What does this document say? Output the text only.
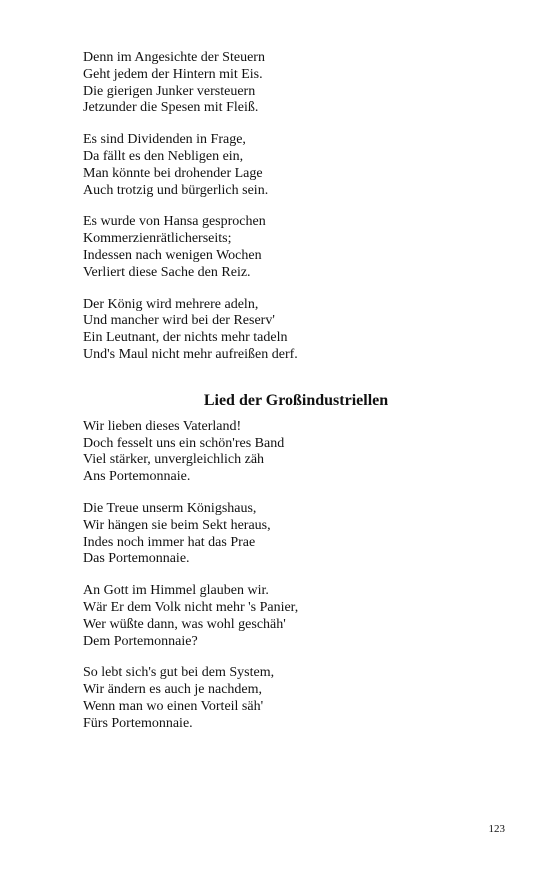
Denn im Angesichte der Steuern
Geht jedem der Hintern mit Eis.
Die gierigen Junker versteuern
Jetzunder die Spesen mit Fleiß.
Es sind Dividenden in Frage,
Da fällt es den Nebligen ein,
Man könnte bei drohender Lage
Auch trotzig und bürgerlich sein.
Es wurde von Hansa gesprochen
Kommerzienrätlicherseits;
Indessen nach wenigen Wochen
Verliert diese Sache den Reiz.
Der König wird mehrere adeln,
Und mancher wird bei der Reserv'
Ein Leutnant, der nichts mehr tadeln
Und's Maul nicht mehr aufreißen derf.
Lied der Großindustriellen
Wir lieben dieses Vaterland!
Doch fesselt uns ein schön'res Band
Viel stärker, unvergleichlich zäh
Ans Portemonnaie.
Die Treue unserm Königshaus,
Wir hängen sie beim Sekt heraus,
Indes noch immer hat das Prae
Das Portemonnaie.
An Gott im Himmel glauben wir.
Wär Er dem Volk nicht mehr 's Panier,
Wer wüßte dann, was wohl geschäh'
Dem Portemonnaie?
So lebt sich's gut bei dem System,
Wir ändern es auch je nachdem,
Wenn man wo einen Vorteil säh'
Fürs Portemonnaie.
123
